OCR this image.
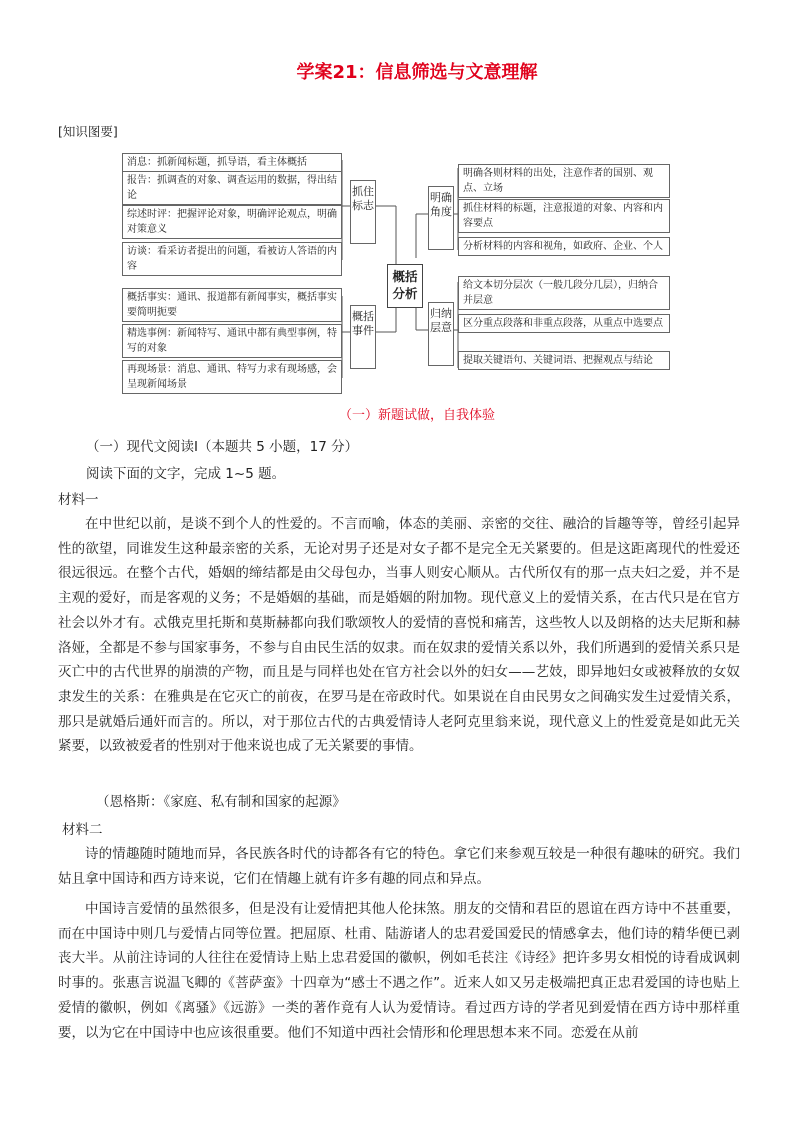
学案21：信息筛选与文意理解
[知识图要]
消息：抓新闻标题，抓导语，看主体概括
报告：抓调查的对象、调查运用的数据，得出结论
综述时评：把握评论对象，明确评论观点，明确对策意义
访谈：看采访者提出的问题，看被访人答语的内容
抓住标志
概括事实：通讯、报道都有新闻事实，概括事实要简明扼要
精选事例：新闻特写、通讯中都有典型事例，特写的对象
再现场景：消息、通讯、特写力求有现场感，会呈现新闻场景
概括事件
概括分析
明确角度
明确各则材料的出处，注意作者的国别、观点、立场
抓住材料的标题，注意报道的对象、内容和内容要点
分析材料的内容和视角，如政府、企业、个人
归纳层意
给文本切分层次（一般几段分几层），归纳合并层意
区分重点段落和非重点段落，从重点中选要点
提取关键语句、关键词语、把握观点与结论
（一）新题试做，自我体验
（一）现代文阅读Ⅰ（本题共 5 小题，17 分）
阅读下面的文字，完成 1~5 题。
材料一
在中世纪以前，是谈不到个人的性爱的。不言而喻，体态的美丽、亲密的交往、融洽的旨趣等等，曾经引起异性的欲望，同谁发生这种最亲密的关系，无论对男子还是对女子都不是完全无关紧要的。但是这距离现代的性爱还很远很远。在整个古代，婚姻的缔结都是由父母包办，当事人则安心顺从。古代所仅有的那一点夫妇之爱，并不是主观的爱好，而是客观的义务；不是婚姻的基础，而是婚姻的附加物。现代意义上的爱情关系，在古代只是在官方社会以外才有。忒俄克里托斯和莫斯赫都向我们歌颂牧人的爱情的喜悦和痛苦，这些牧人以及朗格的达夫尼斯和赫洛娅，全都是不参与国家事务，不参与自由民生活的奴隶。而在奴隶的爱情关系以外，我们所遇到的爱情关系只是灭亡中的古代世界的崩溃的产物，而且是与同样也处在官方社会以外的妇女——艺妓，即异地妇女或被释放的女奴隶发生的关系：在雅典是在它灭亡的前夜，在罗马是在帝政时代。如果说在自由民男女之间确实发生过爱情关系，那只是就婚后通奸而言的。所以，对于那位古代的古典爱情诗人老阿克里翁来说，现代意义上的性爱竟是如此无关紧要，以致被爱者的性别对于他来说也成了无关紧要的事情。
（恩格斯：《家庭、私有制和国家的起源》
材料二
诗的情趣随时随地而异，各民族各时代的诗都各有它的特色。拿它们来参观互较是一种很有趣味的研究。我们姑且拿中国诗和西方诗来说，它们在情趣上就有许多有趣的同点和异点。
中国诗言爱情的虽然很多，但是没有让爱情把其他人伦抹煞。朋友的交情和君臣的恩谊在西方诗中不甚重要，而在中国诗中则几与爱情占同等位置。把屈原、杜甫、陆游诸人的忠君爱国爱民的情感拿去，他们诗的精华便已剥丧大半。从前注诗词的人往往在爱情诗上贴上忠君爱国的徽帜，例如毛苌注《诗经》把许多男女相悦的诗看成讽刺时事的。张惠言说温飞卿的《菩萨蛮》十四章为“感士不遇之作”。近来人如又另走极端把真正忠君爱国的诗也贴上爱情的徽帜，例如《离骚》《远游》一类的著作竟有人认为爱情诗。看过西方诗的学者见到爱情在西方诗中那样重要，以为它在中国诗中也应该很重要。他们不知道中西社会情形和伦理思想本来不同。恋爱在从前
